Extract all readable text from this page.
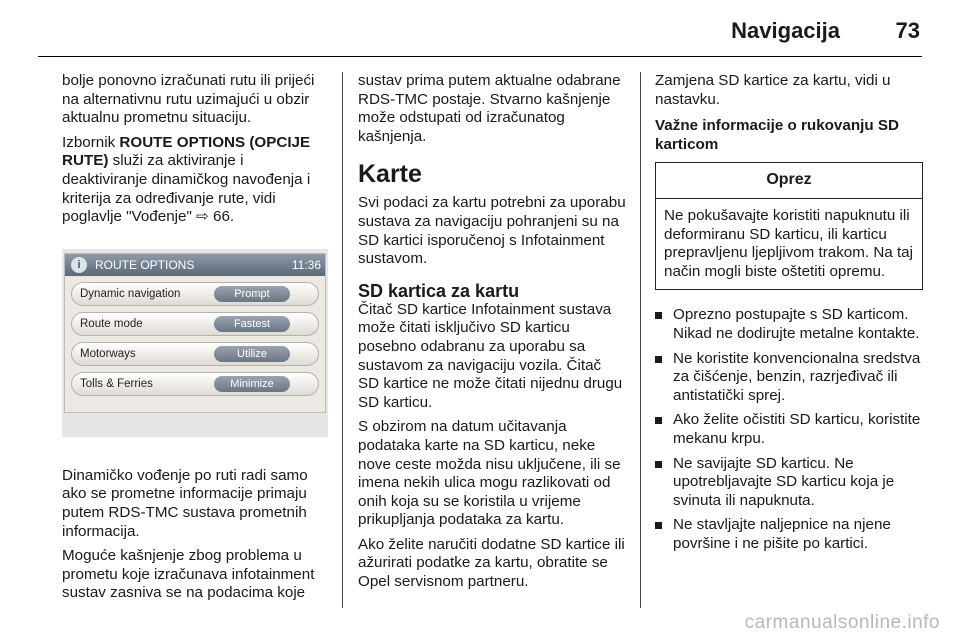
Navigacija	73

bolje ponovno izračunati rutu ili prijeći na alternativnu rutu uzimajući u obzir aktualnu prometnu situaciju.

Izbornik ROUTE OPTIONS (OPCIJE RUTE) služi za aktiviranje i deaktiviranje dinamičkog navođenja i kriterija za određivanje rute, vidi poglavlje "Vođenje" ⇨ 66.

i	ROUTE OPTIONS	11:36
Dynamic navigation	Prompt
Route mode	Fastest
Motorways	Utilize
Tolls & Ferries	Minimize

Dinamičko vođenje po ruti radi samo ako se prometne informacije primaju putem RDS-TMC sustava prometnih informacija.

Moguće kašnjenje zbog problema u prometu koje izračunava infotainment sustav zasniva se na podacima koje

sustav prima putem aktualne odabrane RDS-TMC postaje. Stvarno kašnjenje može odstupati od izračunatog kašnjenja.

Karte

Svi podaci za kartu potrebni za uporabu sustava za navigaciju pohranjeni su na SD kartici isporučenoj s Infotainment sustavom.

SD kartica za kartu

Čitač SD kartice Infotainment sustava može čitati isključivo SD karticu posebno odabranu za uporabu sa sustavom za navigaciju vozila. Čitač SD kartice ne može čitati nijednu drugu SD karticu.

S obzirom na datum učitavanja podataka karte na SD karticu, neke nove ceste možda nisu uključene, ili se imena nekih ulica mogu razlikovati od onih koja su se koristila u vrijeme prikupljanja podataka za kartu.

Ako želite naručiti dodatne SD kartice ili ažurirati podatke za kartu, obratite se Opel servisnom partneru.

Zamjena SD kartice za kartu, vidi u nastavku.

Važne informacije o rukovanju SD karticom

Oprez
Ne pokušavajte koristiti napuknutu ili deformiranu SD karticu, ili karticu prepravljenu ljepljivom trakom. Na taj način mogli biste oštetiti opremu.
Oprezno postupajte s SD karticom. Nikad ne dodirujte metalne kontakte.
Ne koristite konvencionalna sredstva za čišćenje, benzin, razrjeđivač ili antistatički sprej.
Ako želite očistiti SD karticu, koristite mekanu krpu.
Ne savijajte SD karticu. Ne upotrebljavajte SD karticu koja je svinuta ili napuknuta.
Ne stavljajte naljepnice na njene površine i ne pišite po kartici.
carmanualsonline.info
